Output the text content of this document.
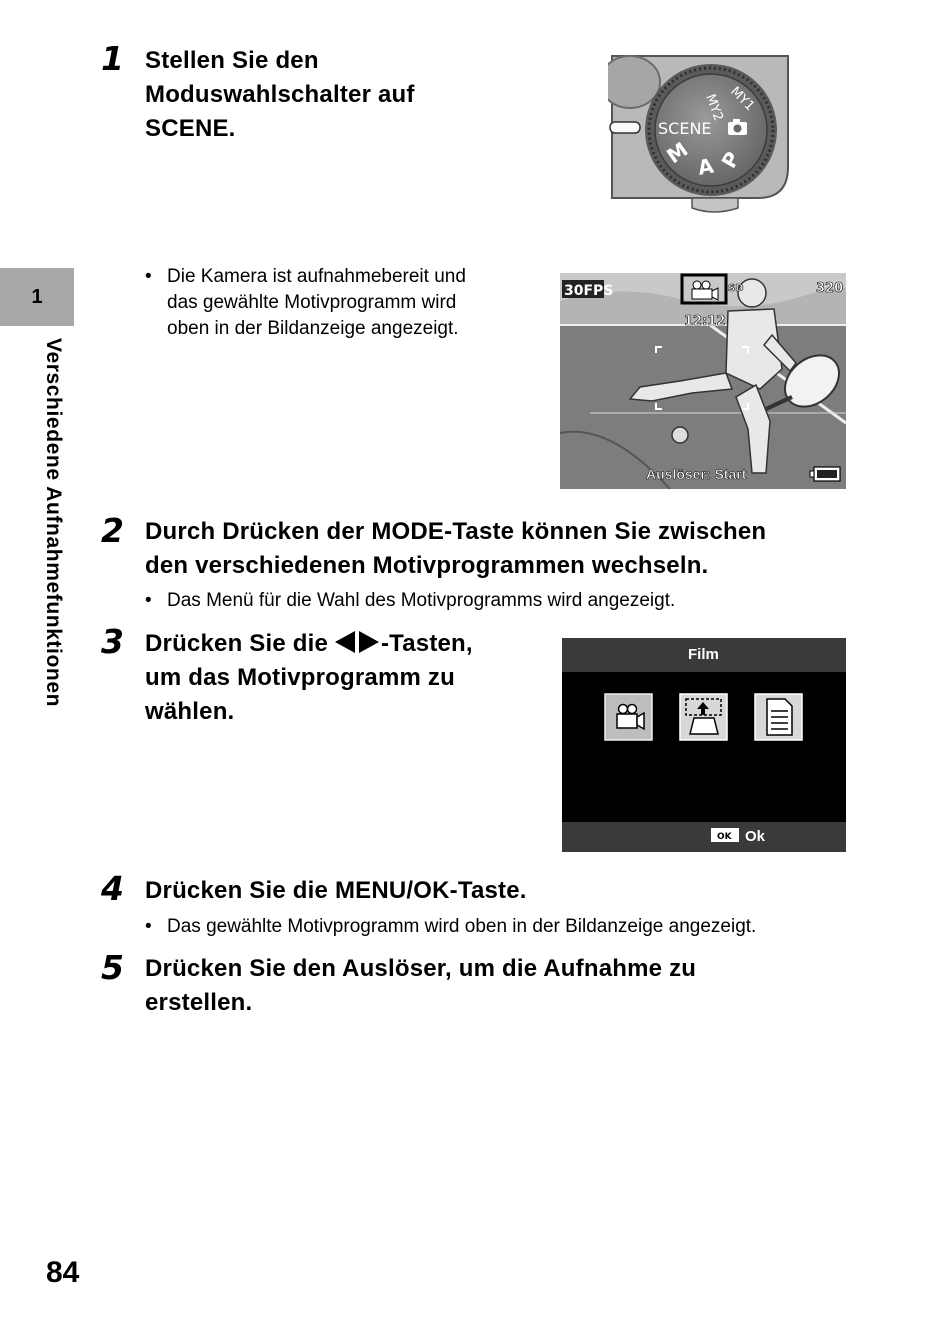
1
Verschiedene Aufnahmefunktionen
1 Stellen Sie den
Moduswahlschalter auf
SCENE.
MY2 MY1
SCENE
M A P
• Die Kamera ist aufnahmebereit und
das gewählte Motivprogramm wird
oben in der Bildanzeige angezeigt.
30FPS	SD	320
12:12
Auslöser: Start
2 Durch Drücken der MODE-Taste können Sie zwischen
den verschiedenen Motivprogrammen wechseln.
• Das Menü für die Wahl des Motivprogramms wird angezeigt.
3 Drücken Sie die
-Tasten,
um das Motivprogramm zu
wählen.
Film
OK Ok
4 Drücken Sie die MENU/OK-Taste.
• Das gewählte Motivprogramm wird oben in der Bildanzeige angezeigt.
5 Drücken Sie den Auslöser, um die Aufnahme zu
erstellen.
84
